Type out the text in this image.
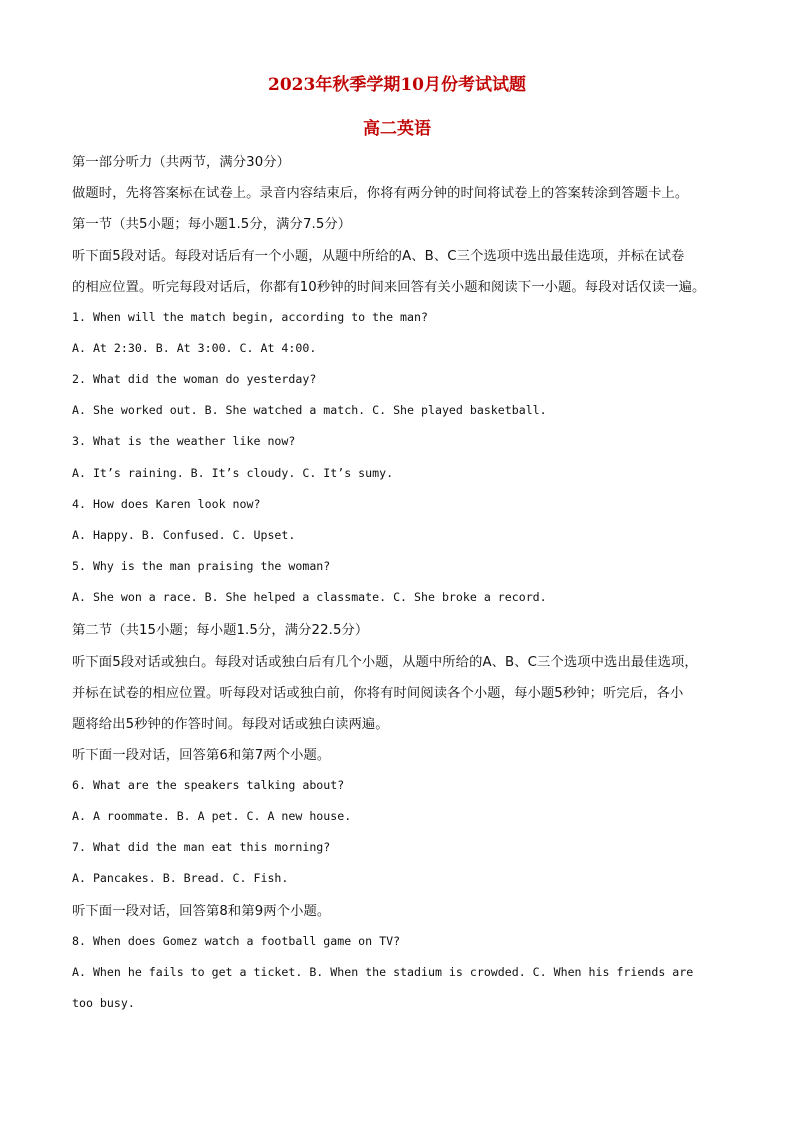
2023年秋季学期10月份考试试题
高二英语

第一部分听力（共两节，满分30分）

做题时，先将答案标在试卷上。录音内容结束后，你将有两分钟的时间将试卷上的答案转涂到答题卡上。

第一节（共5小题；每小题1.5分，满分7.5分）

听下面5段对话。每段对话后有一个小题，从题中所给的A、B、C三个选项中选出最佳选项，并标在试卷

的相应位置。听完每段对话后，你都有10秒钟的时间来回答有关小题和阅读下一小题。每段对话仅读一遍。

1. When will the match begin, according to the man?

A. At 2:30. B. At 3:00. C. At 4:00.

2. What did the woman do yesterday?

A. She worked out. B. She watched a match. C. She played basketball.

3. What is the weather like now?

A. It’s raining. B. It’s cloudy. C. It’s sumy.

4. How does Karen look now?

A. Happy. B. Confused. C. Upset.

5. Why is the man praising the woman?

A. She won a race. B. She helped a classmate. C. She broke a record.

第二节（共15小题；每小题1.5分，满分22.5分）

听下面5段对话或独白。每段对话或独白后有几个小题，从题中所给的A、B、C三个选项中选出最佳选项，

并标在试卷的相应位置。听每段对话或独白前，你将有时间阅读各个小题，每小题5秒钟；听完后，各小

题将给出5秒钟的作答时间。每段对话或独白读两遍。

听下面一段对话，回答第6和第7两个小题。

6. What are the speakers talking about?

A. A roommate. B. A pet. C. A new house.

7. What did the man eat this morning?

A. Pancakes. B. Bread. C. Fish.

听下面一段对话，回答第8和第9两个小题。

8. When does Gomez watch a football game on TV?

A. When he fails to get a ticket. B. When the stadium is crowded. C. When his friends are

too busy.
